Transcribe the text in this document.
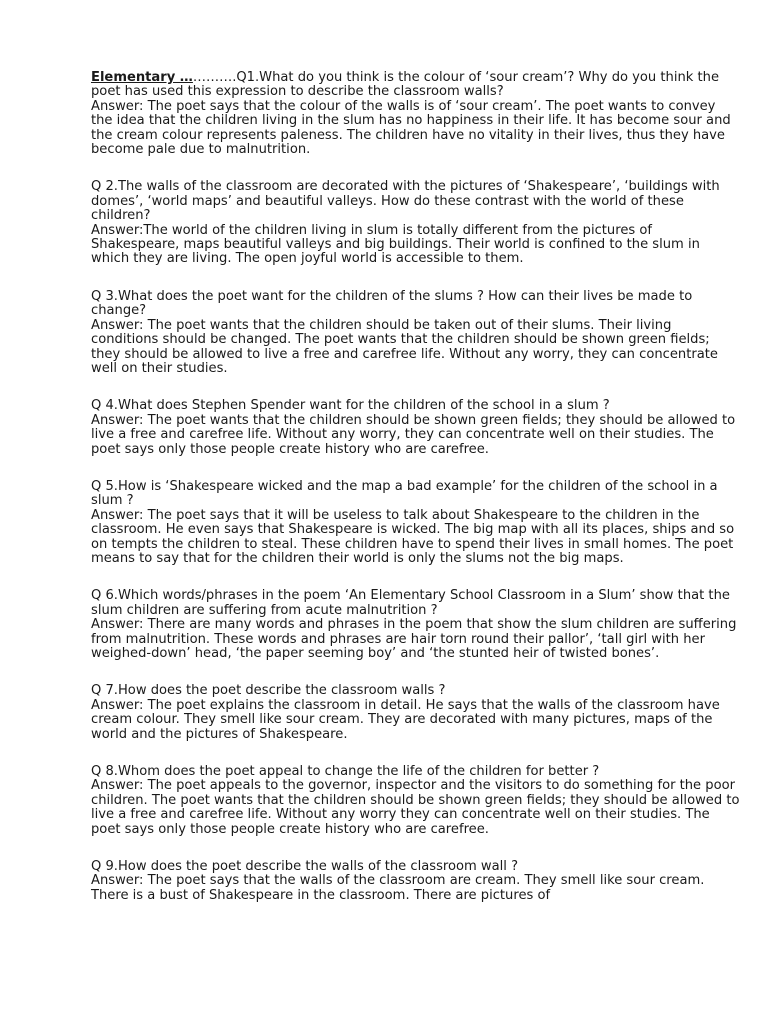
Elementary ………….Q1.What do you think is the colour of ‘sour cream’? Why do you think the poet has used this expression to describe the classroom walls?

Answer: The poet says that the colour of the walls is of ‘sour cream’. The poet wants to convey the idea that the children living in the slum has no happiness in their life. It has become sour and the cream colour represents paleness. The children have no vitality in their lives, thus they have become pale due to malnutrition.

Q 2.The walls of the classroom are decorated with the pictures of ‘Shakespeare’, ‘buildings with domes’, ‘world maps’ and beautiful valleys. How do these contrast with the world of these children?

Answer:The world of the children living in slum is totally different from the pictures of Shakespeare, maps beautiful valleys and big buildings. Their world is confined to the slum in which they are living. The open joyful world is accessible to them.

Q 3.What does the poet want for the children of the slums ? How can their lives be made to change?

Answer: The poet wants that the children should be taken out of their slums. Their living conditions should be changed. The poet wants that the children should be shown green fields; they should be allowed to live a free and carefree life. Without any worry, they can concentrate well on their studies.

Q 4.What does Stephen Spender want for the children of the school in a slum ?

Answer: The poet wants that the children should be shown green fields; they should be allowed to live a free and carefree life. Without any worry, they can concentrate well on their studies. The poet says only those people create history who are carefree.

Q 5.How is ‘Shakespeare wicked and the map a bad example’ for the children of the school in a slum ?

Answer: The poet says that it will be useless to talk about Shakespeare to the children in the classroom. He even says that Shakespeare is wicked. The big map with all its places, ships and so on tempts the children to steal. These children have to spend their lives in small homes. The poet means to say that for the children their world is only the slums not the big maps.

Q 6.Which words/phrases in the poem ‘An Elementary School Classroom in a Slum’ show that the slum children are suffering from acute malnutrition ?

Answer: There are many words and phrases in the poem that show the slum children are suffering from malnutrition. These words and phrases are hair torn round their pallor’, ‘tall girl with her weighed-down’ head, ‘the paper seeming boy’ and ‘the stunted heir of twisted bones’.

Q 7.How does the poet describe the classroom walls ?

Answer: The poet explains the classroom in detail. He says that the walls of the classroom have cream colour. They smell like sour cream. They are decorated with many pictures, maps of the world and the pictures of Shakespeare.

Q 8.Whom does the poet appeal to change the life of the children for better ?

Answer: The poet appeals to the governor, inspector and the visitors to do something for the poor children. The poet wants that the children should be shown green fields; they should be allowed to live a free and carefree life. Without any worry they can concentrate well on their studies. The poet says only those people create history who are carefree.

Q 9.How does the poet describe the walls of the classroom wall ?

Answer: The poet says that the walls of the classroom are cream. They smell like sour cream. There is a bust of Shakespeare in the classroom. There are pictures of
